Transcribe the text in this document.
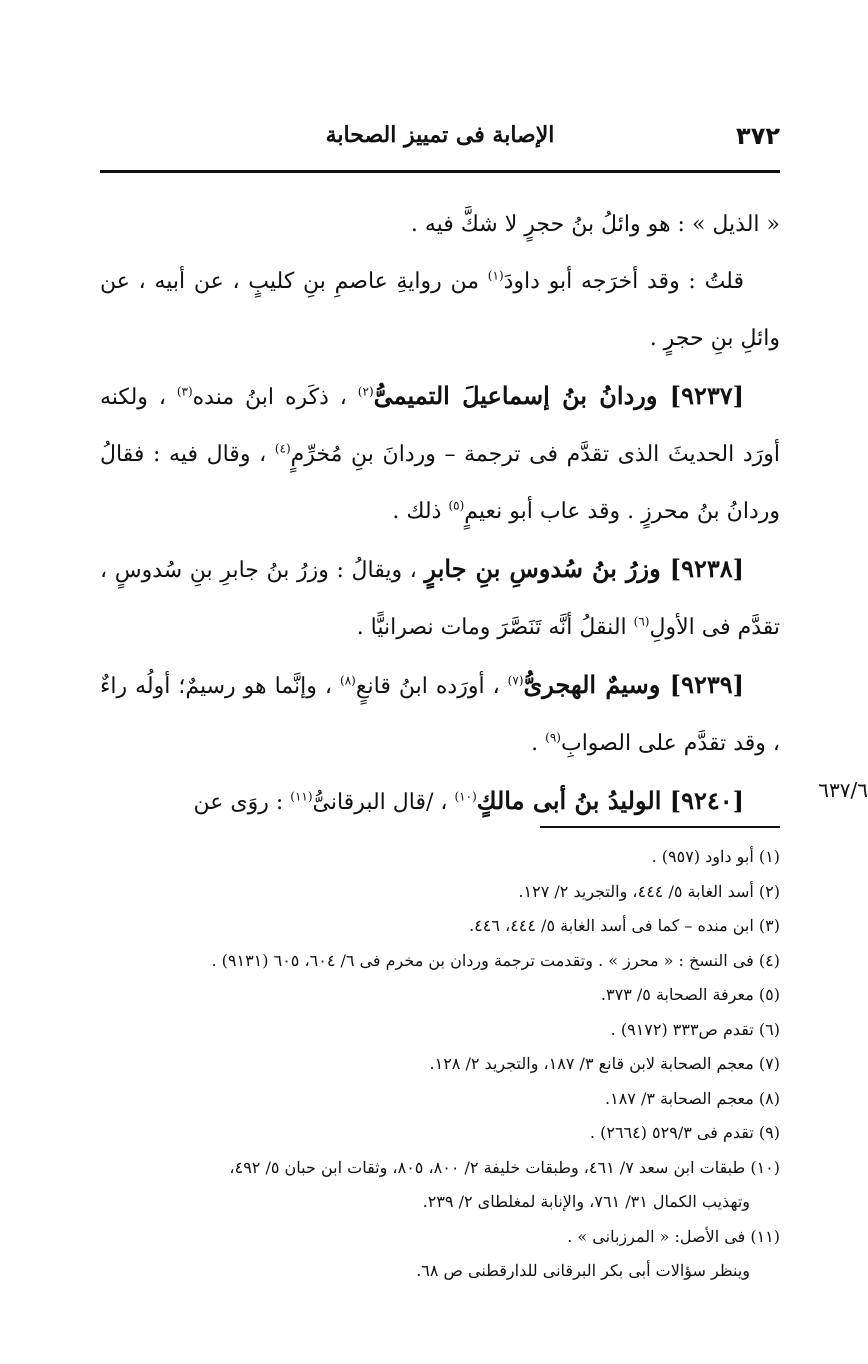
٣٧٢
الإصابة فى تمييز الصحابة

« الذيل » : هو وائلُ بنُ حجرٍ لا شكَّ فيه .

قلتُ : وقد أخرَجه أبو داودَ$^{(١)}$ من روايةِ عاصمِ بنِ كليبٍ ، عن أبيه ، عن وائلِ بنِ حجرٍ .

[٩٢٣٧] وردانُ بنُ إسماعيلَ التميمىُّ$^{(٢)}$ ، ذكَره ابنُ منده$^{(٣)}$ ، ولكنه أورَد الحديثَ الذى تقدَّم فى ترجمة – وردانَ بنِ مُخرِّمٍ$^{(٤)}$ ، وقال فيه : فقالُ وردانُ بنُ محرزٍ . وقد عاب أبو نعيمٍ$^{(٥)}$ ذلك .

[٩٢٣٨] وزرُ بنُ سُدوسِ بنِ جابرٍ ، ويقالُ : وزرُ بنُ جابرِ بنِ سُدوسٍ ، تقدَّم فى الأولِ$^{(٦)}$ النقلُ أنَّه تَنَصَّرَ ومات نصرانيًّا .

[٩٢٣٩] وسيمٌ الهجرىُّ$^{(٧)}$ ، أورَده ابنُ قانعٍ$^{(٨)}$ ، وإنَّما هو رسيمٌ؛ أولُه راءٌ ، وقد تقدَّم على الصوابِ$^{(٩)}$ .

[٩٢٤٠] الوليدُ بنُ أبى مالكٍ$^{(١٠)}$ ، /قال البرقانىُّ$^{(١١)}$ : روَى عن	٦٣٧/٦

(١) أبو داود (٩٥٧) .

(٢) أسد الغابة ٥/ ٤٤٤، والتجريد ٢/ ١٢٧.

(٣) ابن منده – كما فى أسد الغابة ٥/ ٤٤٤، ٤٤٦.

(٤) فى النسخ : « محرز » . وتقدمت ترجمة وردان بن مخرم فى ٦/ ٦٠٤، ٦٠٥ (٩١٣١) .

(٥) معرفة الصحابة ٥/ ٣٧٣.

(٦) تقدم ص٣٣٣ (٩١٧٢) .

(٧) معجم الصحابة لابن قانع ٣/ ١٨٧، والتجريد ٢/ ١٢٨.

(٨) معجم الصحابة ٣/ ١٨٧.

(٩) تقدم فى ٥٢٩/٣ (٢٦٦٤) .

(١٠) طبقات ابن سعد ٧/ ٤٦١، وطبقات خليفة ٢/ ٨٠٠، ٨٠٥، وثقات ابن حبان ٥/ ٤٩٢،

وتهذيب الكمال ٣١/ ٧٦١، والإنابة لمغلطاى ٢/ ٢٣٩.

(١١) فى الأصل: « المرزبانى » .

وينظر سؤالات أبى بكر البرقانى للدارقطنى ص ٦٨.
